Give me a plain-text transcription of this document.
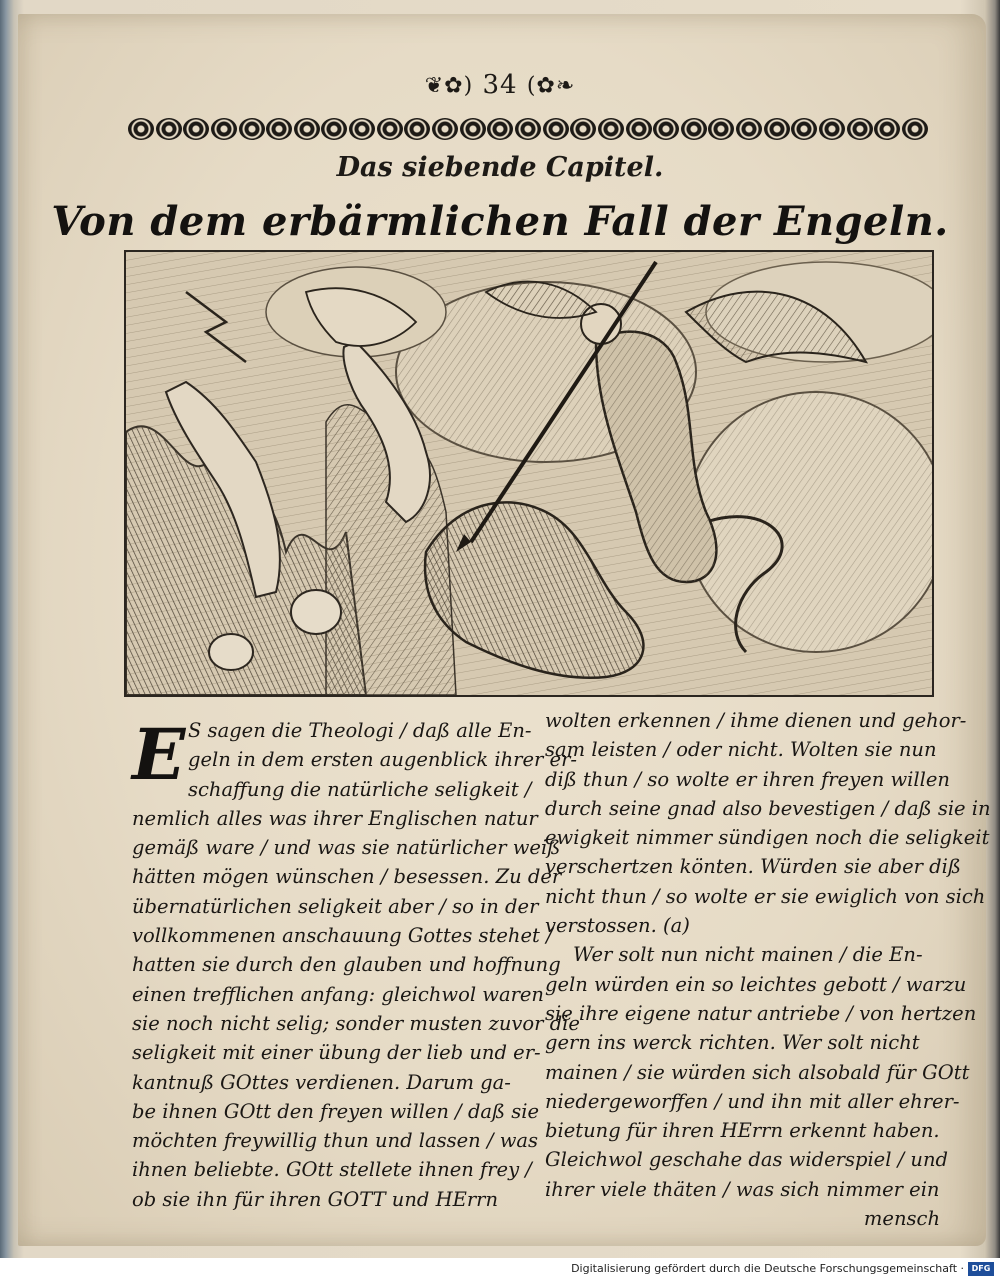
❦✿) 34 (✿❧
Das siebende Capitel.
Von dem erbärmlichen Fall der Engeln.
E S sagen die Theologi / daß alle En-
geln in dem ersten augenblick ihrer er-
schaffung die natürliche seligkeit /
nemlich alles was ihrer Englischen natur
gemäß ware / und was sie natürlicher weiß
hätten mögen wünschen / besessen. Zu der
übernatürlichen seligkeit aber / so in der
vollkommenen anschauung Gottes stehet /
hatten sie durch den glauben und hoffnung
einen trefflichen anfang: gleichwol waren
sie noch nicht selig; sonder musten zuvor die
seligkeit mit einer übung der lieb und er-
kantnuß GOttes verdienen. Darum ga-
be ihnen GOtt den freyen willen / daß sie
möchten freywillig thun und lassen / was
ihnen beliebte. GOtt stellete ihnen frey /
ob sie ihn für ihren GOTT und HErrn
wolten erkennen / ihme dienen und gehor-
sam leisten / oder nicht. Wolten sie nun
diß thun / so wolte er ihren freyen willen
durch seine gnad also bevestigen / daß sie in
ewigkeit nimmer sündigen noch die seligkeit
verschertzen könten. Würden sie aber diß
nicht thun / so wolte er sie ewiglich von sich
verstossen. (a)
Wer solt nun nicht mainen / die En-
geln würden ein so leichtes gebott / warzu
sie ihre eigene natur antriebe / von hertzen
gern ins werck richten. Wer solt nicht
mainen / sie würden sich alsobald für GOtt
niedergeworffen / und ihn mit aller ehrer-
bietung für ihren HErrn erkennt haben.
Gleichwol geschahe das widerspiel / und
ihrer viele thäten / was sich nimmer ein
mensch
Digitalisierung gefördert durch die Deutsche Forschungsgemeinschaft · DFG
